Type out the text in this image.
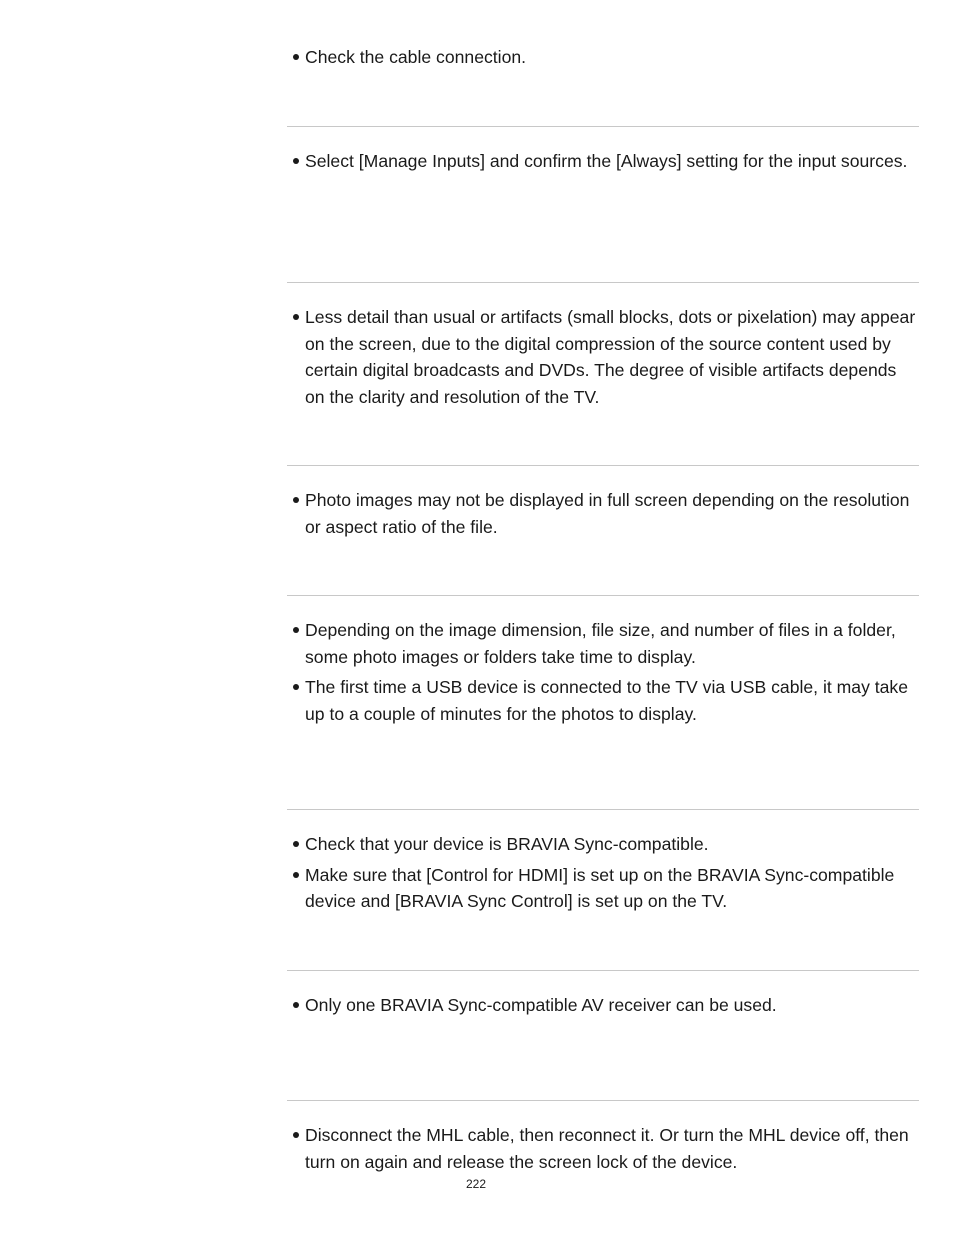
Check the cable connection.
Select [Manage Inputs] and confirm the [Always] setting for the input sources.
Less detail than usual or artifacts (small blocks, dots or pixelation) may appear on the screen, due to the digital compression of the source content used by certain digital broadcasts and DVDs. The degree of visible artifacts depends on the clarity and resolution of the TV.
Photo images may not be displayed in full screen depending on the resolution or aspect ratio of the file.
Depending on the image dimension, file size, and number of files in a folder, some photo images or folders take time to display.
The first time a USB device is connected to the TV via USB cable, it may take up to a couple of minutes for the photos to display.
Check that your device is BRAVIA Sync-compatible.
Make sure that [Control for HDMI] is set up on the BRAVIA Sync-compatible device and [BRAVIA Sync Control] is set up on the TV.
Only one BRAVIA Sync-compatible AV receiver can be used.
Disconnect the MHL cable, then reconnect it. Or turn the MHL device off, then turn on again and release the screen lock of the device.
222
